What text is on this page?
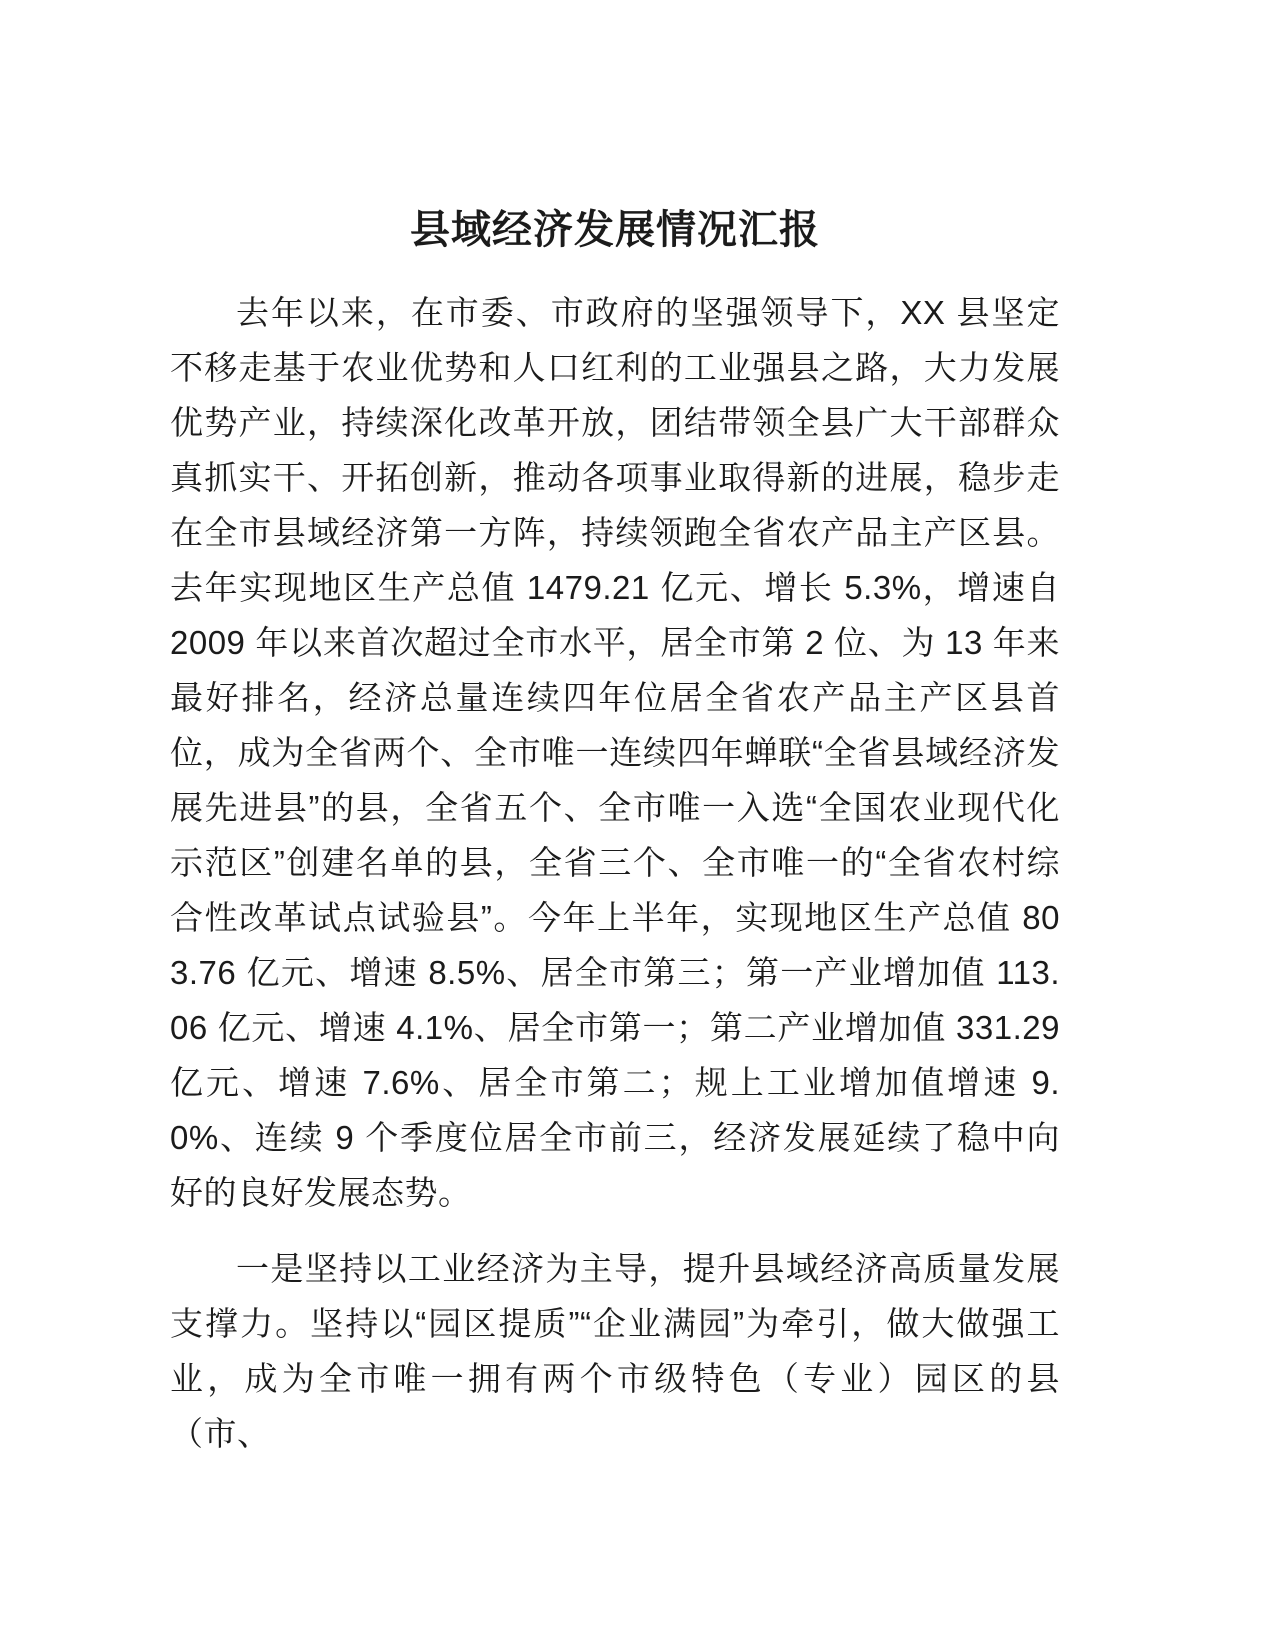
县域经济发展情况汇报

去年以来，在市委、市政府的坚强领导下，XX 县坚定不移走基于农业优势和人口红利的工业强县之路，大力发展优势产业，持续深化改革开放，团结带领全县广大干部群众真抓实干、开拓创新，推动各项事业取得新的进展，稳步走在全市县域经济第一方阵，持续领跑全省农产品主产区县。去年实现地区生产总值 1479.21 亿元、增长 5.3%，增速自 2009 年以来首次超过全市水平，居全市第 2 位、为 13 年来最好排名，经济总量连续四年位居全省农产品主产区县首位，成为全省两个、全市唯一连续四年蝉联“全省县域经济发展先进县”的县，全省五个、全市唯一入选“全国农业现代化示范区”创建名单的县，全省三个、全市唯一的“全省农村综合性改革试点试验县”。今年上半年，实现地区生产总值 803.76 亿元、增速 8.5%、居全市第三；第一产业增加值 113.06 亿元、增速 4.1%、居全市第一；第二产业增加值 331.29 亿元、增速 7.6%、居全市第二；规上工业增加值增速 9.0%、连续 9 个季度位居全市前三，经济发展延续了稳中向好的良好发展态势。

一是坚持以工业经济为主导，提升县域经济高质量发展支撑力。坚持以“园区提质”“企业满园”为牵引，做大做强工业，成为全市唯一拥有两个市级特色（专业）园区的县（市、
